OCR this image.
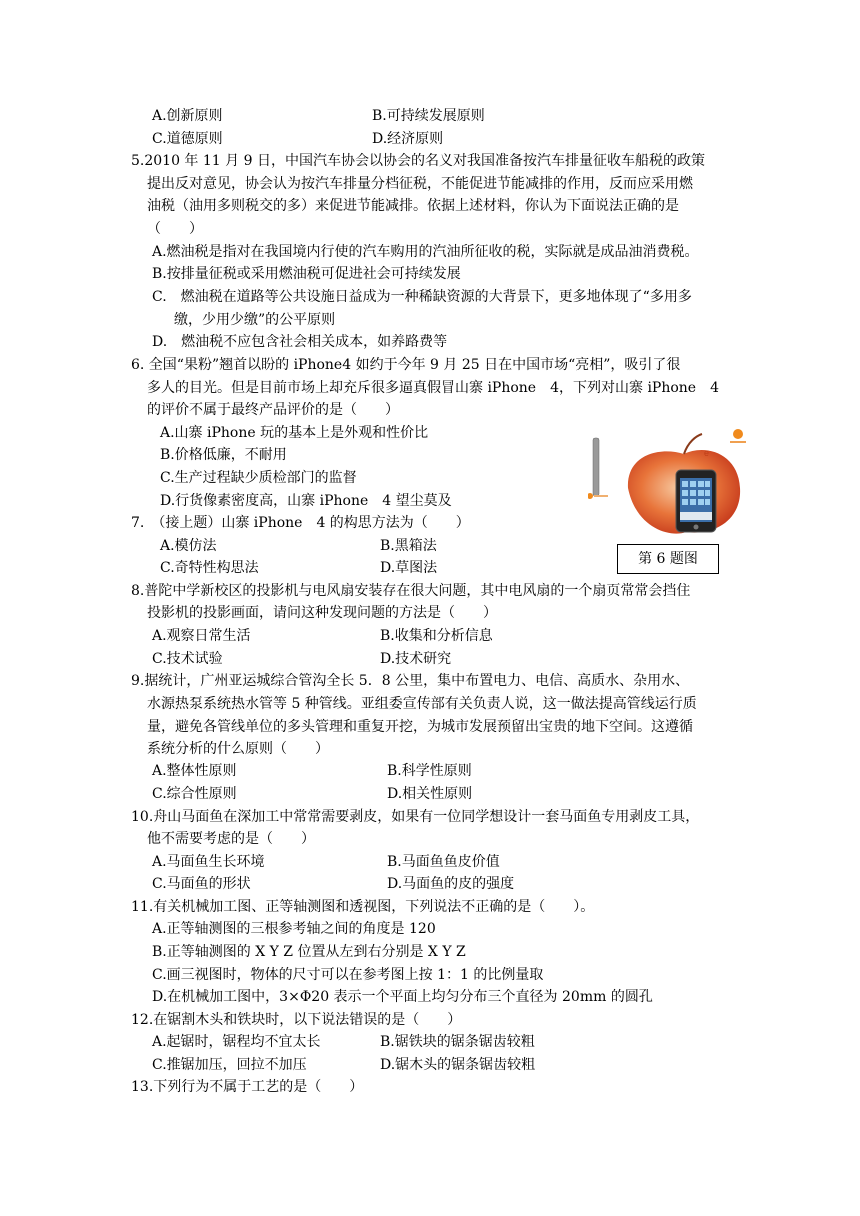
A.创新原则	B.可持续发展原则
C.道德原则	D.经济原则
5.2010 年 11 月 9 日，中国汽车协会以协会的名义对我国准备按汽车排量征收车船税的政策
提出反对意见，协会认为按汽车排量分档征税，不能促进节能减排的作用，反而应采用燃
油税（油用多则税交的多）来促进节能减排。依据上述材料，你认为下面说法正确的是
（　　）
A.燃油税是指对在我国境内行使的汽车购用的汽油所征收的税，实际就是成品油消费税。
B.按排量征税或采用燃油税可促进社会可持续发展
C.　燃油税在道路等公共设施日益成为一种稀缺资源的大背景下，更多地体现了“多用多
缴，少用少缴”的公平原则
D.　燃油税不应包含社会相关成本，如养路费等
6. 全国“果粉”翘首以盼的 iPhone4 如约于今年 9 月 25 日在中国市场“亮相”，吸引了很
多人的目光。但是目前市场上却充斥很多逼真假冒山寨 iPhone　4，下列对山寨 iPhone　4
的评价不属于最终产品评价的是（　　）
A.山寨 iPhone 玩的基本上是外观和性价比
B.价格低廉，不耐用
C.生产过程缺少质检部门的监督
D.行货像素密度高，山寨 iPhone　4 望尘莫及
e
第 6 题图
7.　（接上题）山寨 iPhone　4 的构思方法为（　　）
A.模仿法	B.黑箱法
C.奇特性构思法	D.草图法
8.普陀中学新校区的投影机与电风扇安装存在很大问题，其中电风扇的一个扇页常常会挡住
投影机的投影画面，请问这种发现问题的方法是（　　）
A.观察日常生活	B.收集和分析信息
C.技术试验	D.技术研究
9.据统计，广州亚运城综合管沟全长 5．8 公里，集中布置电力、电信、高质水、杂用水、
水源热泵系统热水管等 5 种管线。亚组委宣传部有关负责人说，这一做法提高管线运行质
量，避免各管线单位的多头管理和重复开挖，为城市发展预留出宝贵的地下空间。这遵循
系统分析的什么原则（　　）
A.整体性原则	B.科学性原则
C.综合性原则	D.相关性原则
10.舟山马面鱼在深加工中常常需要剥皮，如果有一位同学想设计一套马面鱼专用剥皮工具，
他不需要考虑的是（　　）
A.马面鱼生长环境	B.马面鱼鱼皮价值
C.马面鱼的形状	D.马面鱼的皮的强度
11.有关机械加工图、正等轴测图和透视图，下列说法不正确的是（　　）。
A.正等轴测图的三根参考轴之间的角度是 120
B.正等轴测图的 X Y Z 位置从左到右分别是 X Y Z
C.画三视图时，物体的尺寸可以在参考图上按 1：1 的比例量取
D.在机械加工图中，3×Φ20 表示一个平面上均匀分布三个直径为 20mm 的圆孔
12.在锯割木头和铁块时，以下说法错误的是（　　）
A.起锯时，锯程均不宜太长	B.锯铁块的锯条锯齿较粗
C.推锯加压，回拉不加压	D.锯木头的锯条锯齿较粗
13.下列行为不属于工艺的是（　　）
